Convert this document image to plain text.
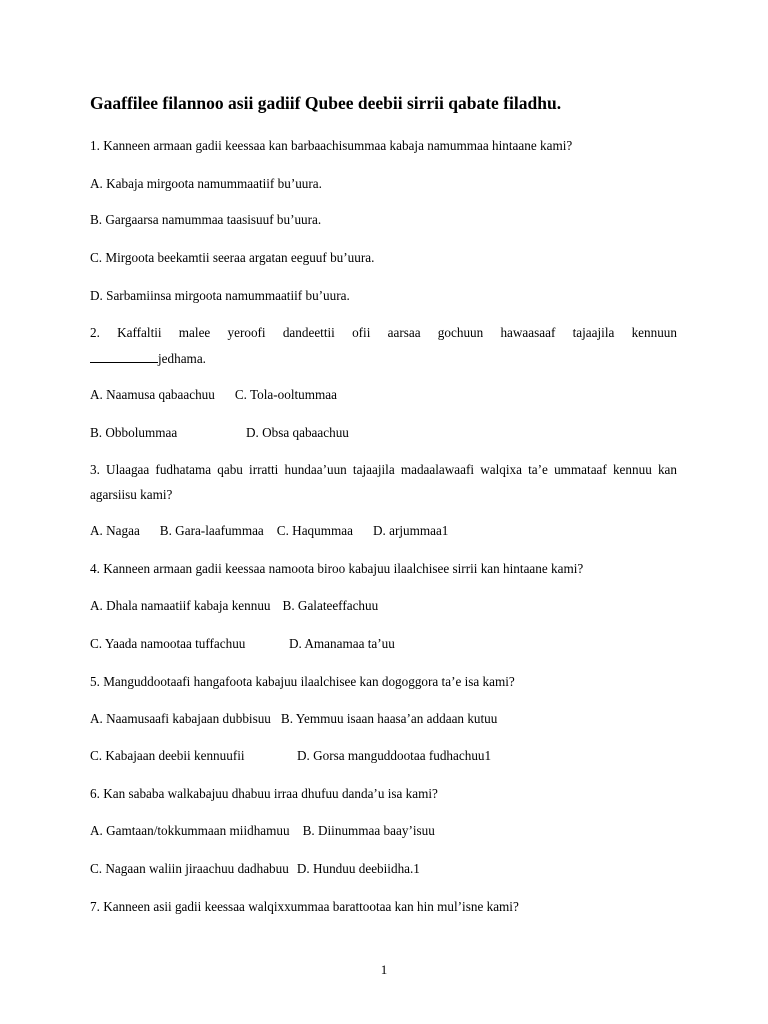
Gaaffilee filannoo asii gadiif Qubee deebii sirrii qabate filadhu.
1. Kanneen armaan gadii keessaa kan barbaachisummaa kabaja namummaa hintaane kami?
A. Kabaja mirgoota namummaatiif bu’uura.
B. Gargaarsa namummaa taasisuuf bu’uura.
C. Mirgoota beekamtii seeraa argatan eeguuf bu’uura.
D. Sarbamiinsa mirgoota namummaatiif bu’uura.
2. Kaffaltii malee yeroofi dandeettii ofii aarsaa gochuun hawaasaaf tajaajila kennuun
jedhama.
A. Naamusa qabaachuu C. Tola-ooltummaa
B. Obbolummaa	D. Obsa qabaachuu
3. Ulaagaa fudhatama qabu irratti hundaa’uun tajaajila madaalawaafi walqixa ta’e ummataaf kennuu kan
agarsiisu kami?
A. Nagaa B. Gara-laafummaa C. Haqummaa D. arjummaa1
4. Kanneen armaan gadii keessaa namoota biroo kabajuu ilaalchisee sirrii kan hintaane kami?
A. Dhala namaatiif kabaja kennuu B. Galateeffachuu
C. Yaada namootaa tuffachuu	D. Amanamaa ta’uu
5. Manguddootaafi hangafoota kabajuu ilaalchisee kan dogoggora ta’e isa kami?
A. Naamusaafi kabajaan dubbisuu B. Yemmuu isaan haasa’an addaan kutuu
C. Kabajaan deebii kennuufii	D. Gorsa manguddootaa fudhachuu1
6. Kan sababa walkabajuu dhabuu irraa dhufuu danda’u isa kami?
A. Gamtaan/tokkummaan miidhamuu B. Diinummaa baay’isuu
C. Nagaan waliin jiraachuu dadhabuu D. Hunduu deebiidha.1
7. Kanneen asii gadii keessaa walqixxummaa barattootaa kan hin mul’isne kami?
1
